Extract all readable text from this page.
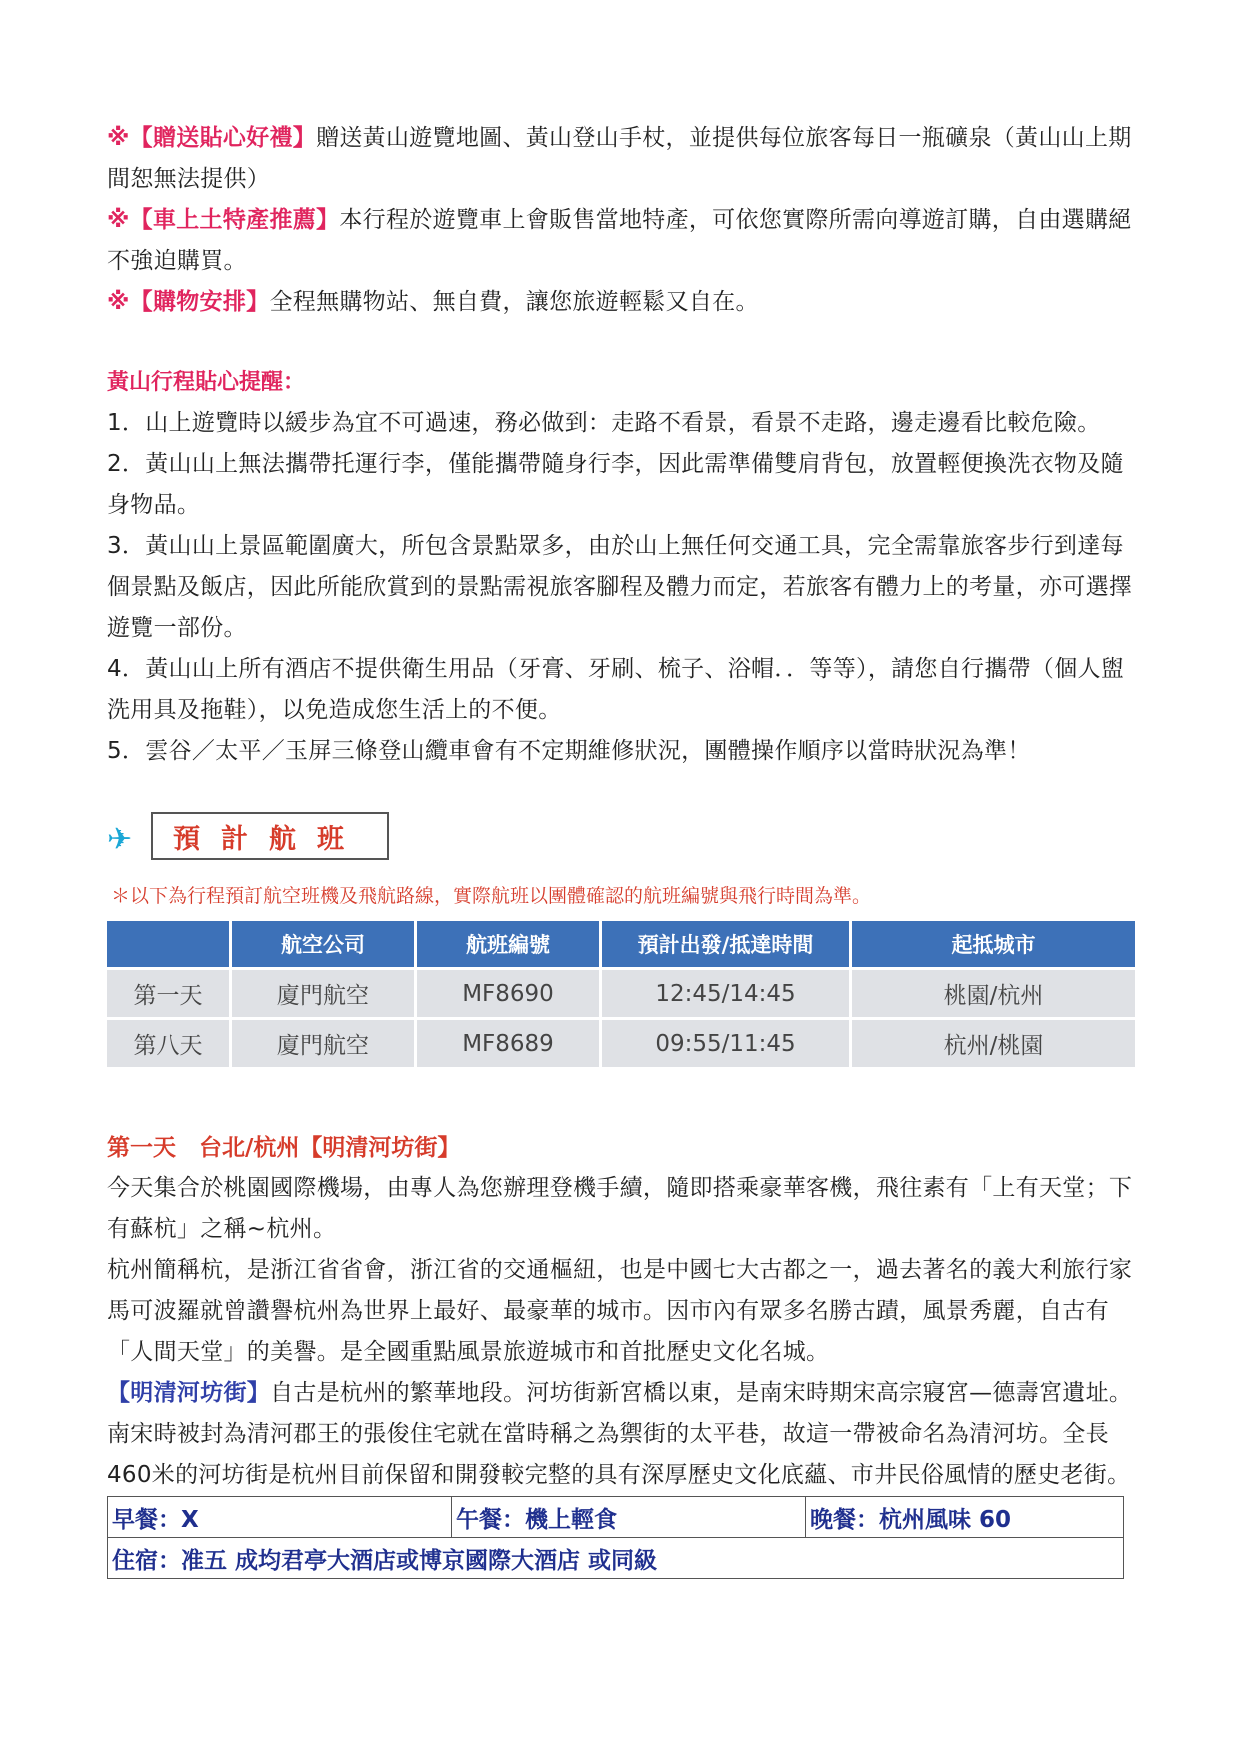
※【贈送貼心好禮】贈送黃山遊覽地圖、黃山登山手杖，並提供每位旅客每日一瓶礦泉（黃山山上期間恕無法提供）

※【車上土特產推薦】本行程於遊覽車上會販售當地特產，可依您實際所需向導遊訂購，自由選購絕不強迫購買。

※【購物安排】全程無購物站、無自費，讓您旅遊輕鬆又自在。

黃山行程貼心提醒：

1．山上遊覽時以緩步為宜不可過速，務必做到：走路不看景，看景不走路，邊走邊看比較危險。

2．黃山山上無法攜帶托運行李，僅能攜帶隨身行李，因此需準備雙肩背包，放置輕便換洗衣物及隨身物品。

3．黃山山上景區範圍廣大，所包含景點眾多，由於山上無任何交通工具，完全需靠旅客步行到達每個景點及飯店，因此所能欣賞到的景點需視旅客腳程及體力而定，若旅客有體力上的考量，亦可選擇遊覽一部份。

4．黃山山上所有酒店不提供衛生用品（牙膏、牙刷、梳子、浴帽．．等等），請您自行攜帶（個人盥洗用具及拖鞋），以免造成您生活上的不便。

5．雲谷／太平／玉屏三條登山纜車會有不定期維修狀況，團體操作順序以當時狀況為準！

✈	預計航班

＊以下為行程預訂航空班機及飛航路線，實際航班以團體確認的航班編號與飛行時間為準。

	航空公司	航班編號	預計出發/抵達時間	起抵城市
第一天	廈門航空	MF8690	12:45/14:45	桃園/杭州
第八天	廈門航空	MF8689	09:55/11:45	杭州/桃園

第一天　台北/杭州【明清河坊街】

今天集合於桃園國際機場，由專人為您辦理登機手續，隨即搭乘豪華客機，飛往素有「上有天堂；下有蘇杭」之稱~杭州。

杭州簡稱杭，是浙江省省會，浙江省的交通樞紐，也是中國七大古都之一，過去著名的義大利旅行家馬可波羅就曾讚譽杭州為世界上最好、最豪華的城市。因市內有眾多名勝古蹟，風景秀麗，自古有「人間天堂」的美譽。是全國重點風景旅遊城市和首批歷史文化名城。

【明清河坊街】自古是杭州的繁華地段。河坊街新宮橋以東，是南宋時期宋高宗寢宮—德壽宮遺址。南宋時被封為清河郡王的張俊住宅就在當時稱之為禦街的太平巷，故這一帶被命名為清河坊。全長460米的河坊街是杭州目前保留和開發較完整的具有深厚歷史文化底蘊、市井民俗風情的歷史老街。

早餐：X	午餐：機上輕食	晚餐：杭州風味 60
住宿：准五 成均君亭大酒店或博京國際大酒店 或同級
